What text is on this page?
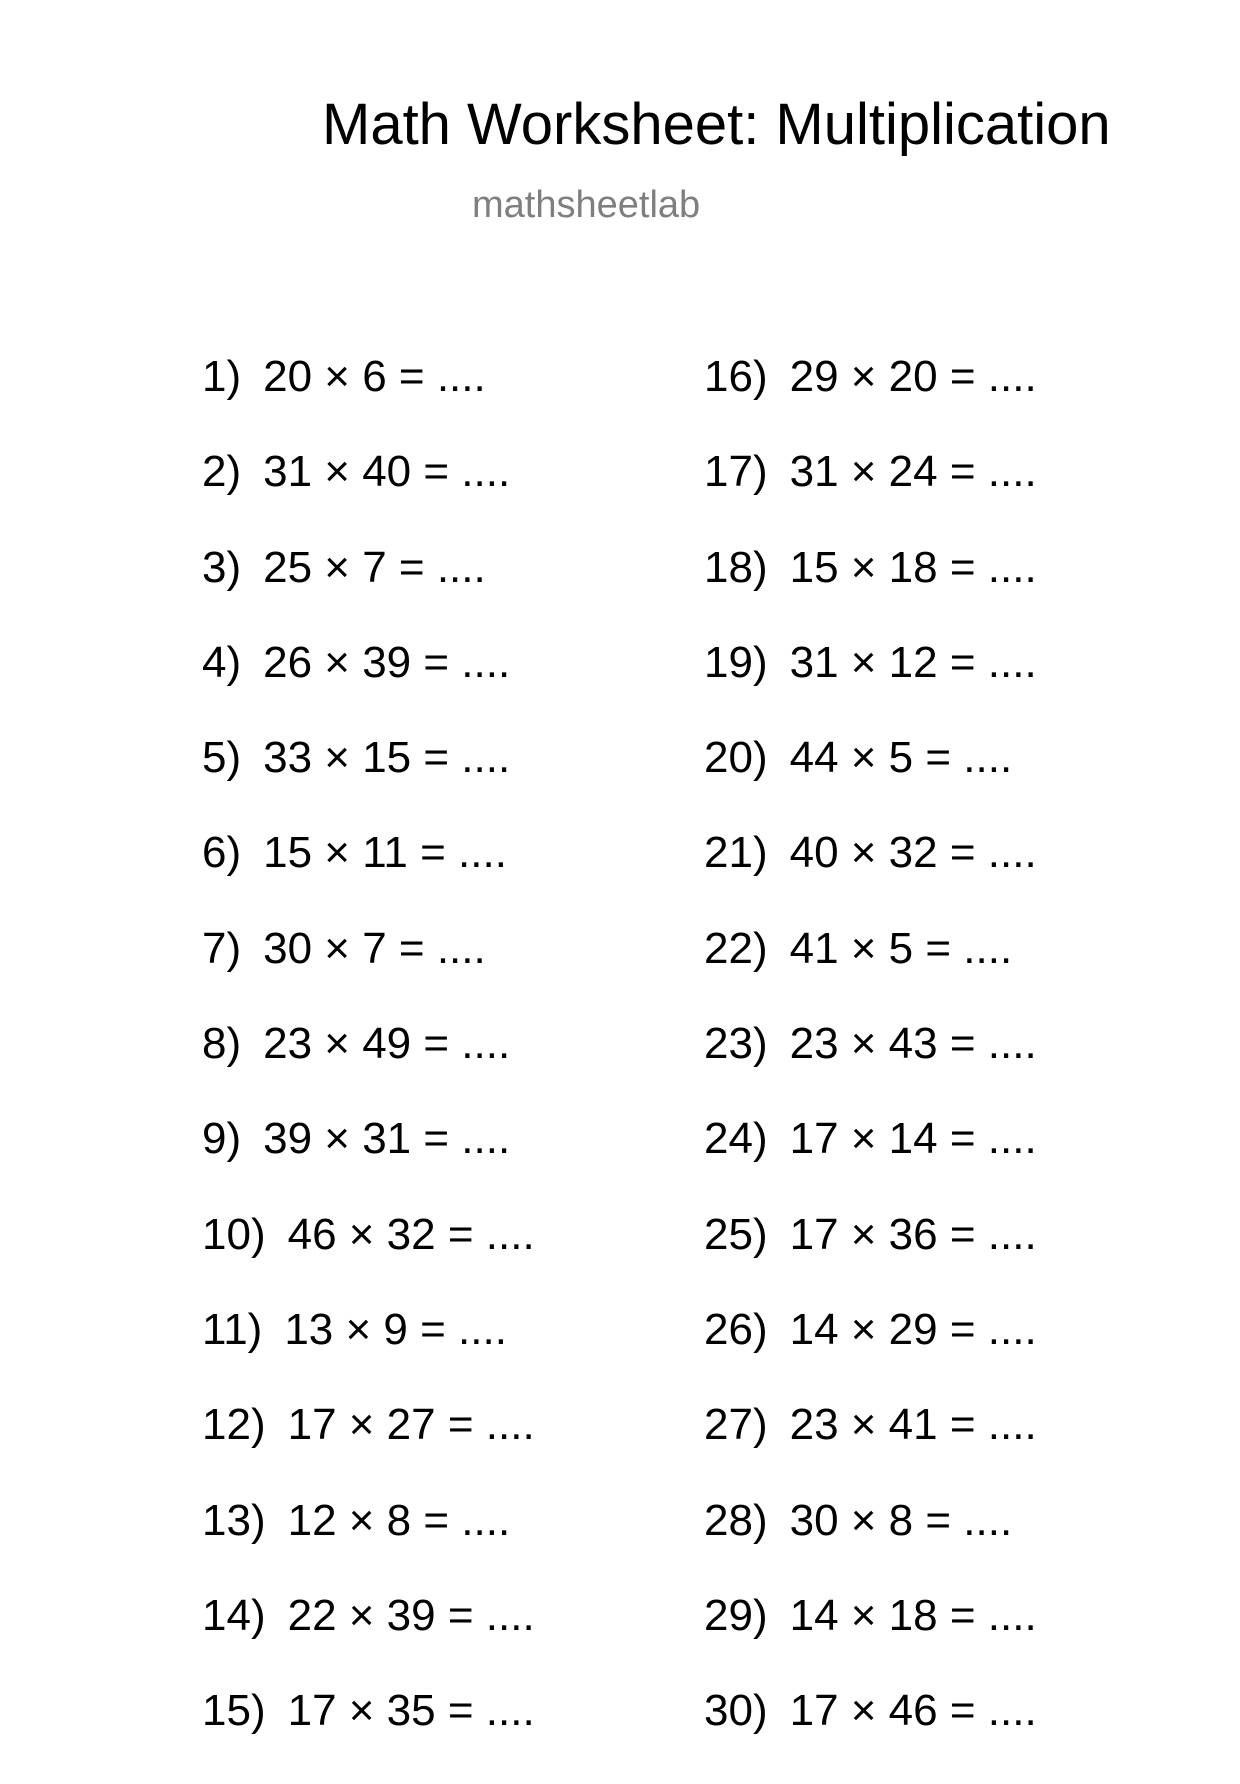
Math Worksheet: Multiplication
mathsheetlab
1) 20 × 6 = ....
2) 31 × 40 = ....
3) 25 × 7 = ....
4) 26 × 39 = ....
5) 33 × 15 = ....
6) 15 × 11 = ....
7) 30 × 7 = ....
8) 23 × 49 = ....
9) 39 × 31 = ....
10) 46 × 32 = ....
11) 13 × 9 = ....
12) 17 × 27 = ....
13) 12 × 8 = ....
14) 22 × 39 = ....
15) 17 × 35 = ....
16) 29 × 20 = ....
17) 31 × 24 = ....
18) 15 × 18 = ....
19) 31 × 12 = ....
20) 44 × 5 = ....
21) 40 × 32 = ....
22) 41 × 5 = ....
23) 23 × 43 = ....
24) 17 × 14 = ....
25) 17 × 36 = ....
26) 14 × 29 = ....
27) 23 × 41 = ....
28) 30 × 8 = ....
29) 14 × 18 = ....
30) 17 × 46 = ....
